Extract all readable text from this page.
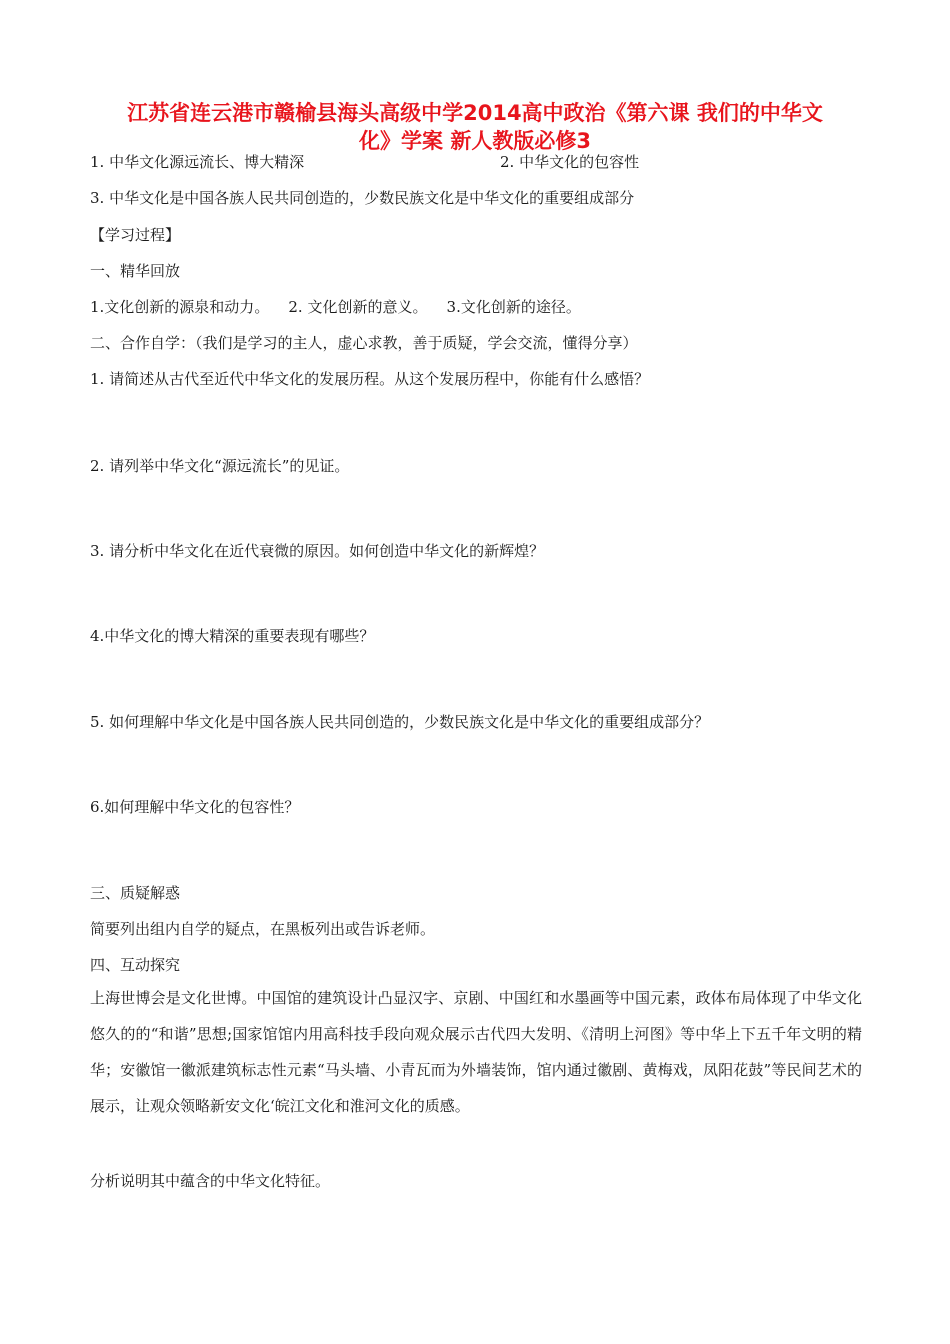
江苏省连云港市赣榆县海头高级中学2014高中政治《第六课 我们的中华文
化》学案 新人教版必修3
1. 中华文化源远流长、博大精深	2. 中华文化的包容性
3. 中华文化是中国各族人民共同创造的，少数民族文化是中华文化的重要组成部分
【学习过程】
一、精华回放
1.文化创新的源泉和动力。    2. 文化创新的意义。    3.文化创新的途径。
二、合作自学：（我们是学习的主人，虚心求教，善于质疑，学会交流，懂得分享）
1. 请简述从古代至近代中华文化的发展历程。从这个发展历程中，你能有什么感悟？
2. 请列举中华文化“源远流长”的见证。
3. 请分析中华文化在近代衰微的原因。如何创造中华文化的新辉煌？
4.中华文化的博大精深的重要表现有哪些？
5. 如何理解中华文化是中国各族人民共同创造的，少数民族文化是中华文化的重要组成部分？
6.如何理解中华文化的包容性？
三、质疑解惑
简要列出组内自学的疑点，在黑板列出或告诉老师。
四、互动探究
上海世博会是文化世博。中国馆的建筑设计凸显汉字、京剧、中国红和水墨画等中国元素，政体布局体现了中华文化悠久的的“和谐”思想;国家馆馆内用高科技手段向观众展示古代四大发明、《清明上河图》等中华上下五千年文明的精华；安徽馆一徽派建筑标志性元素“马头墙、小青瓦而为外墙装饰，馆内通过徽剧、黄梅戏，凤阳花鼓”等民间艺术的展示，让观众领略新安文化‘皖江文化和淮河文化的质感。
分析说明其中蕴含的中华文化特征。
